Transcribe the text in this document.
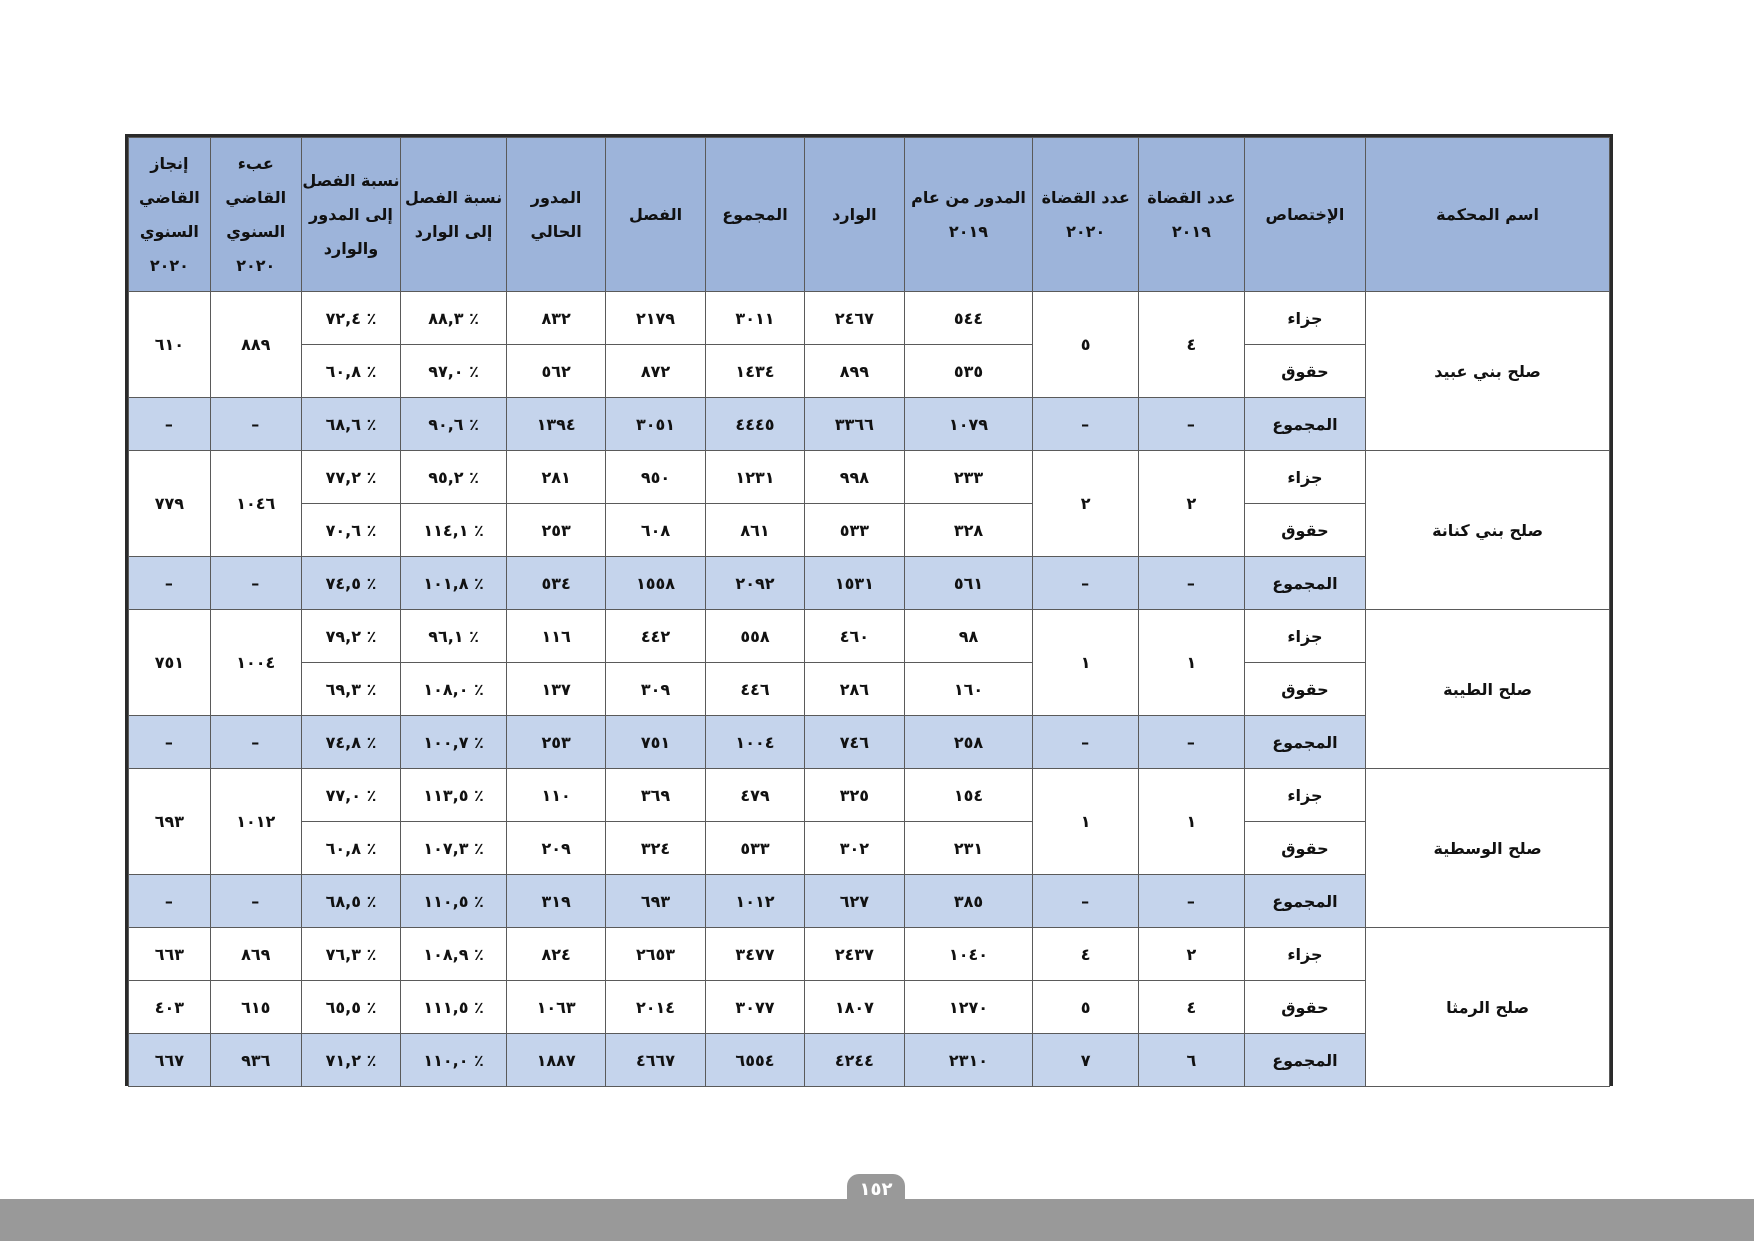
اسم المحكمة	الإختصاص	عدد القضاة ٢٠١٩	عدد القضاة ٢٠٢٠	المدور من عام ٢٠١٩	الوارد	المجموع	الفصل	المدور الحالي	نسبة الفصل إلى الوارد	نسبة الفصل إلى المدور والوارد	عبء القاضي السنوي ٢٠٢٠	إنجاز القاضي السنوي ٢٠٢٠
صلح بني عبيد	جزاء	٤	٥	٥٤٤	٢٤٦٧	٣٠١١	٢١٧٩	٨٣٢	٪ ٨٨,٣	٪ ٧٢,٤	٨٨٩	٦١٠
	حقوق			٥٣٥	٨٩٩	١٤٣٤	٨٧٢	٥٦٢	٪ ٩٧,٠	٪ ٦٠,٨		
	المجموع	–	–	١٠٧٩	٣٣٦٦	٤٤٤٥	٣٠٥١	١٣٩٤	٪ ٩٠,٦	٪ ٦٨,٦	–	–
صلح بني كنانة	جزاء	٢	٢	٢٣٣	٩٩٨	١٢٣١	٩٥٠	٢٨١	٪ ٩٥,٢	٪ ٧٧,٢	١٠٤٦	٧٧٩
	حقوق			٣٢٨	٥٣٣	٨٦١	٦٠٨	٢٥٣	٪ ١١٤,١	٪ ٧٠,٦		
	المجموع	–	–	٥٦١	١٥٣١	٢٠٩٢	١٥٥٨	٥٣٤	٪ ١٠١,٨	٪ ٧٤,٥	–	–
صلح الطيبة	جزاء	١	١	٩٨	٤٦٠	٥٥٨	٤٤٢	١١٦	٪ ٩٦,١	٪ ٧٩,٢	١٠٠٤	٧٥١
	حقوق			١٦٠	٢٨٦	٤٤٦	٣٠٩	١٣٧	٪ ١٠٨,٠	٪ ٦٩,٣		
	المجموع	–	–	٢٥٨	٧٤٦	١٠٠٤	٧٥١	٢٥٣	٪ ١٠٠,٧	٪ ٧٤,٨	–	–
صلح الوسطية	جزاء	١	١	١٥٤	٣٢٥	٤٧٩	٣٦٩	١١٠	٪ ١١٣,٥	٪ ٧٧,٠	١٠١٢	٦٩٣
	حقوق			٢٣١	٣٠٢	٥٣٣	٣٢٤	٢٠٩	٪ ١٠٧,٣	٪ ٦٠,٨		
	المجموع	–	–	٣٨٥	٦٢٧	١٠١٢	٦٩٣	٣١٩	٪ ١١٠,٥	٪ ٦٨,٥	–	–
صلح الرمثا	جزاء	٢	٤	١٠٤٠	٢٤٣٧	٣٤٧٧	٢٦٥٣	٨٢٤	٪ ١٠٨,٩	٪ ٧٦,٣	٨٦٩	٦٦٣
	حقوق	٤	٥	١٢٧٠	١٨٠٧	٣٠٧٧	٢٠١٤	١٠٦٣	٪ ١١١,٥	٪ ٦٥,٥	٦١٥	٤٠٣
	المجموع	٦	٧	٢٣١٠	٤٢٤٤	٦٥٥٤	٤٦٦٧	١٨٨٧	٪ ١١٠,٠	٪ ٧١,٢	٩٣٦	٦٦٧
١٥٢
